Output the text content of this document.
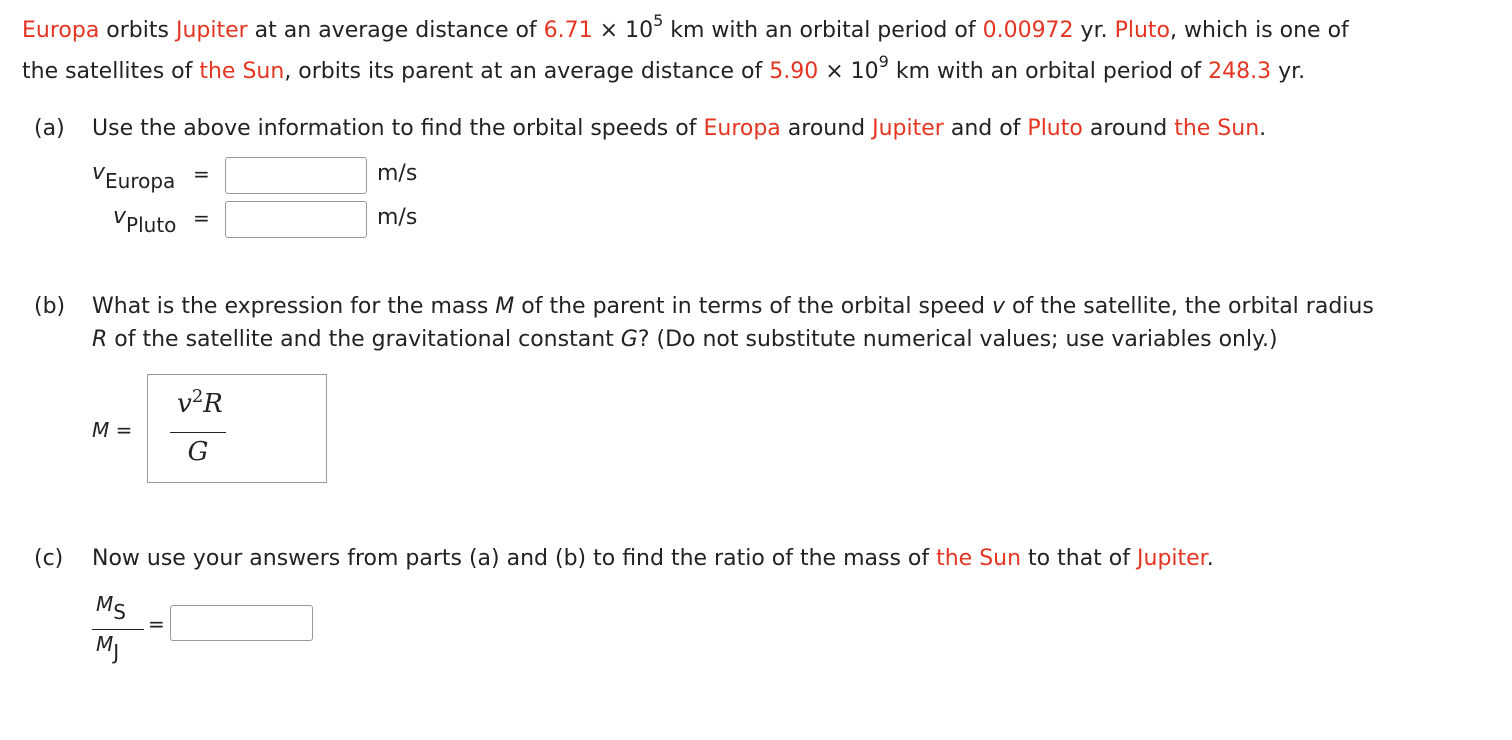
Europa orbits Jupiter at an average distance of $6.71 \times 10^5$ km with an orbital period of 0.00972 yr. Pluto, which is one of
the satellites of the Sun, orbits its parent at an average distance of $5.90 \times 10^9$ km with an orbital period of 248.3 yr.
(a) Use the above information to find the orbital speeds of Europa around Jupiter and of Pluto around the Sun.
vEuropa =	m/s
vPluto =	m/s
(b) What is the expression for the mass M of the parent in terms of the orbital speed v of the satellite, the orbital radius
R of the satellite and the gravitational constant G? (Do not substitute numerical values; use variables only.)
M =
$v^2R$
G
(c) Now use your answers from parts (a) and (b) to find the ratio of the mass of the Sun to that of Jupiter.
MS
MJ
=
